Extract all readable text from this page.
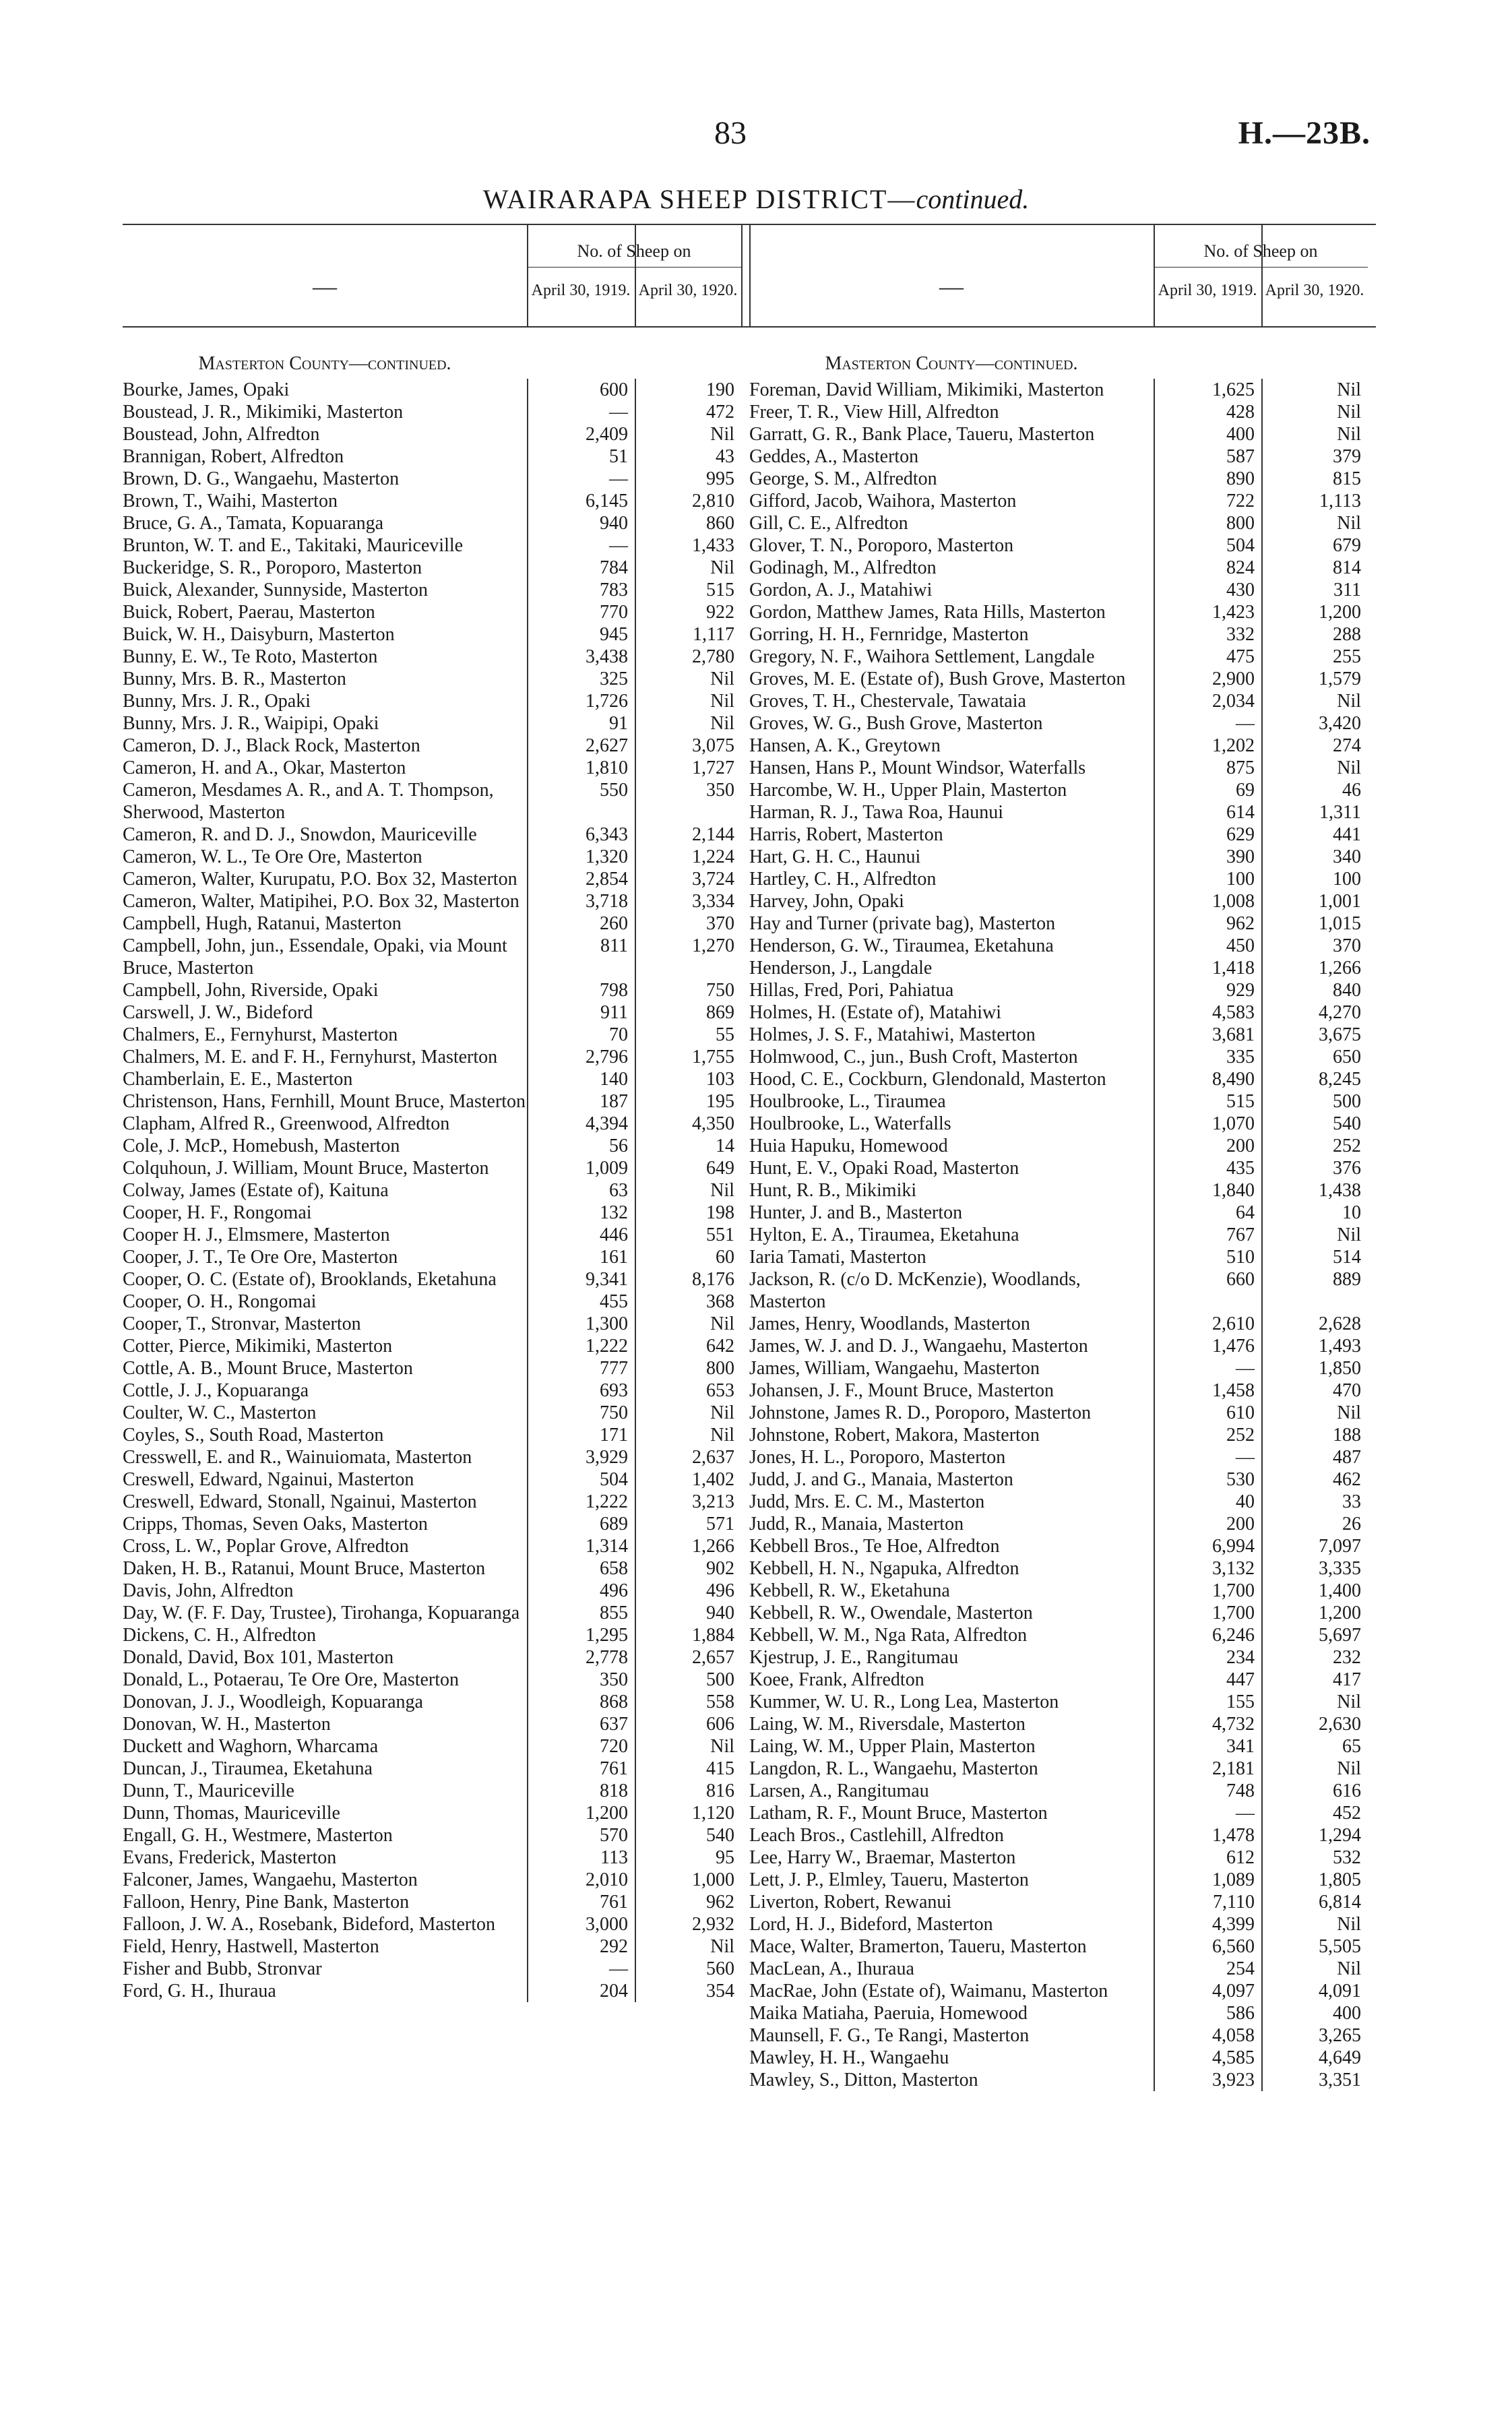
83	H.—23B.
WAIRARAPA SHEEP DISTRICT—continued.
—
No. of Sheep on
April 30, 1919. April 30, 1920.
Masterton County—continued.
Bourke, James, Opaki	600	190
Boustead, J. R., Mikimiki, Masterton	—	472
Boustead, John, Alfredton	2,409	Nil
Brannigan, Robert, Alfredton	51	43
Brown, D. G., Wangaehu, Masterton	—	995
Brown, T., Waihi, Masterton	6,145	2,810
Bruce, G. A., Tamata, Kopuaranga	940	860
Brunton, W. T. and E., Takitaki, Mauriceville	—	1,433
Buckeridge, S. R., Poroporo, Masterton	784	Nil
Buick, Alexander, Sunnyside, Masterton	783	515
Buick, Robert, Paerau, Masterton	770	922
Buick, W. H., Daisyburn, Masterton	945	1,117
Bunny, E. W., Te Roto, Masterton	3,438	2,780
Bunny, Mrs. B. R., Masterton	325	Nil
Bunny, Mrs. J. R., Opaki	1,726	Nil
Bunny, Mrs. J. R., Waipipi, Opaki	91	Nil
Cameron, D. J., Black Rock, Masterton	2,627	3,075
Cameron, H. and A., Okar, Masterton	1,810	1,727
Cameron, Mesdames A. R., and A. T. Thompson, Sherwood, Masterton
550	350
Cameron, R. and D. J., Snowdon, Mauriceville	6,343	2,144
Cameron, W. L., Te Ore Ore, Masterton	1,320	1,224
Cameron, Walter, Kurupatu, P.O. Box 32, Masterton	2,854	3,724
Cameron, Walter, Matipihei, P.O. Box 32, Masterton	3,718	3,334
Campbell, Hugh, Ratanui, Masterton	260	370
Campbell, John, jun., Essendale, Opaki, via Mount Bruce, Masterton
811	1,270
Campbell, John, Riverside, Opaki	798	750
Carswell, J. W., Bideford	911	869
Chalmers, E., Fernyhurst, Masterton	70	55
Chalmers, M. E. and F. H., Fernyhurst, Masterton	2,796	1,755
Chamberlain, E. E., Masterton	140	103
Christenson, Hans, Fernhill, Mount Bruce, Masterton	187	195
Clapham, Alfred R., Greenwood, Alfredton	4,394	4,350
Cole, J. McP., Homebush, Masterton	56	14
Colquhoun, J. William, Mount Bruce, Masterton	1,009	649
Colway, James (Estate of), Kaituna	63	Nil
Cooper, H. F., Rongomai	132	198
Cooper H. J., Elmsmere, Masterton	446	551
Cooper, J. T., Te Ore Ore, Masterton	161	60
Cooper, O. C. (Estate of), Brooklands, Eketahuna	9,341	8,176
Cooper, O. H., Rongomai	455	368
Cooper, T., Stronvar, Masterton	1,300	Nil
Cotter, Pierce, Mikimiki, Masterton	1,222	642
Cottle, A. B., Mount Bruce, Masterton	777	800
Cottle, J. J., Kopuaranga	693	653
Coulter, W. C., Masterton	750	Nil
Coyles, S., South Road, Masterton	171	Nil
Cresswell, E. and R., Wainuiomata, Masterton	3,929	2,637
Creswell, Edward, Ngainui, Masterton	504	1,402
Creswell, Edward, Stonall, Ngainui, Masterton	1,222	3,213
Cripps, Thomas, Seven Oaks, Masterton	689	571
Cross, L. W., Poplar Grove, Alfredton	1,314	1,266
Daken, H. B., Ratanui, Mount Bruce, Masterton	658	902
Davis, John, Alfredton	496	496
Day, W. (F. F. Day, Trustee), Tirohanga, Kopuaranga	855	940
Dickens, C. H., Alfredton	1,295	1,884
Donald, David, Box 101, Masterton	2,778	2,657
Donald, L., Potaerau, Te Ore Ore, Masterton	350	500
Donovan, J. J., Woodleigh, Kopuaranga	868	558
Donovan, W. H., Masterton	637	606
Duckett and Waghorn, Wharcama	720	Nil
Duncan, J., Tiraumea, Eketahuna	761	415
Dunn, T., Mauriceville	818	816
Dunn, Thomas, Mauriceville	1,200	1,120
Engall, G. H., Westmere, Masterton	570	540
Evans, Frederick, Masterton	113	95
Falconer, James, Wangaehu, Masterton	2,010	1,000
Falloon, Henry, Pine Bank, Masterton	761	962
Falloon, J. W. A., Rosebank, Bideford, Masterton	3,000	2,932
Field, Henry, Hastwell, Masterton	292	Nil
Fisher and Bubb, Stronvar	—	560
Ford, G. H., Ihuraua	204	354
—
No. of Sheep on
April 30, 1919. April 30, 1920.
Masterton County—continued.
Foreman, David William, Mikimiki, Masterton	1,625	Nil
Freer, T. R., View Hill, Alfredton	428	Nil
Garratt, G. R., Bank Place, Taueru, Masterton	400	Nil
Geddes, A., Masterton	587	379
George, S. M., Alfredton	890	815
Gifford, Jacob, Waihora, Masterton	722	1,113
Gill, C. E., Alfredton	800	Nil
Glover, T. N., Poroporo, Masterton	504	679
Godinagh, M., Alfredton	824	814
Gordon, A. J., Matahiwi	430	311
Gordon, Matthew James, Rata Hills, Masterton	1,423	1,200
Gorring, H. H., Fernridge, Masterton	332	288
Gregory, N. F., Waihora Settlement, Langdale	475	255
Groves, M. E. (Estate of), Bush Grove, Masterton	2,900	1,579
Groves, T. H., Chestervale, Tawataia	2,034	Nil
Groves, W. G., Bush Grove, Masterton	—	3,420
Hansen, A. K., Greytown	1,202	274
Hansen, Hans P., Mount Windsor, Waterfalls	875	Nil
Harcombe, W. H., Upper Plain, Masterton	69	46
Harman, R. J., Tawa Roa, Haunui	614	1,311
Harris, Robert, Masterton	629	441
Hart, G. H. C., Haunui	390	340
Hartley, C. H., Alfredton	100	100
Harvey, John, Opaki	1,008	1,001
Hay and Turner (private bag), Masterton	962	1,015
Henderson, G. W., Tiraumea, Eketahuna	450	370
Henderson, J., Langdale	1,418	1,266
Hillas, Fred, Pori, Pahiatua	929	840
Holmes, H. (Estate of), Matahiwi	4,583	4,270
Holmes, J. S. F., Matahiwi, Masterton	3,681	3,675
Holmwood, C., jun., Bush Croft, Masterton	335	650
Hood, C. E., Cockburn, Glendonald, Masterton	8,490	8,245
Houlbrooke, L., Tiraumea	515	500
Houlbrooke, L., Waterfalls	1,070	540
Huia Hapuku, Homewood	200	252
Hunt, E. V., Opaki Road, Masterton	435	376
Hunt, R. B., Mikimiki	1,840	1,438
Hunter, J. and B., Masterton	64	10
Hylton, E. A., Tiraumea, Eketahuna	767	Nil
Iaria Tamati, Masterton	510	514
Jackson, R. (c/o D. McKenzie), Woodlands, Masterton
660	889
James, Henry, Woodlands, Masterton	2,610	2,628
James, W. J. and D. J., Wangaehu, Masterton	1,476	1,493
James, William, Wangaehu, Masterton	—	1,850
Johansen, J. F., Mount Bruce, Masterton	1,458	470
Johnstone, James R. D., Poroporo, Masterton	610	Nil
Johnstone, Robert, Makora, Masterton	252	188
Jones, H. L., Poroporo, Masterton	—	487
Judd, J. and G., Manaia, Masterton	530	462
Judd, Mrs. E. C. M., Masterton	40	33
Judd, R., Manaia, Masterton	200	26
Kebbell Bros., Te Hoe, Alfredton	6,994	7,097
Kebbell, H. N., Ngapuka, Alfredton	3,132	3,335
Kebbell, R. W., Eketahuna	1,700	1,400
Kebbell, R. W., Owendale, Masterton	1,700	1,200
Kebbell, W. M., Nga Rata, Alfredton	6,246	5,697
Kjestrup, J. E., Rangitumau	234	232
Koee, Frank, Alfredton	447	417
Kummer, W. U. R., Long Lea, Masterton	155	Nil
Laing, W. M., Riversdale, Masterton	4,732	2,630
Laing, W. M., Upper Plain, Masterton	341	65
Langdon, R. L., Wangaehu, Masterton	2,181	Nil
Larsen, A., Rangitumau	748	616
Latham, R. F., Mount Bruce, Masterton	—	452
Leach Bros., Castlehill, Alfredton	1,478	1,294
Lee, Harry W., Braemar, Masterton	612	532
Lett, J. P., Elmley, Taueru, Masterton	1,089	1,805
Liverton, Robert, Rewanui	7,110	6,814
Lord, H. J., Bideford, Masterton	4,399	Nil
Mace, Walter, Bramerton, Taueru, Masterton	6,560	5,505
MacLean, A., Ihuraua	254	Nil
MacRae, John (Estate of), Waimanu, Masterton	4,097	4,091
Maika Matiaha, Paeruia, Homewood	586	400
Maunsell, F. G., Te Rangi, Masterton	4,058	3,265
Mawley, H. H., Wangaehu	4,585	4,649
Mawley, S., Ditton, Masterton	3,923	3,351
